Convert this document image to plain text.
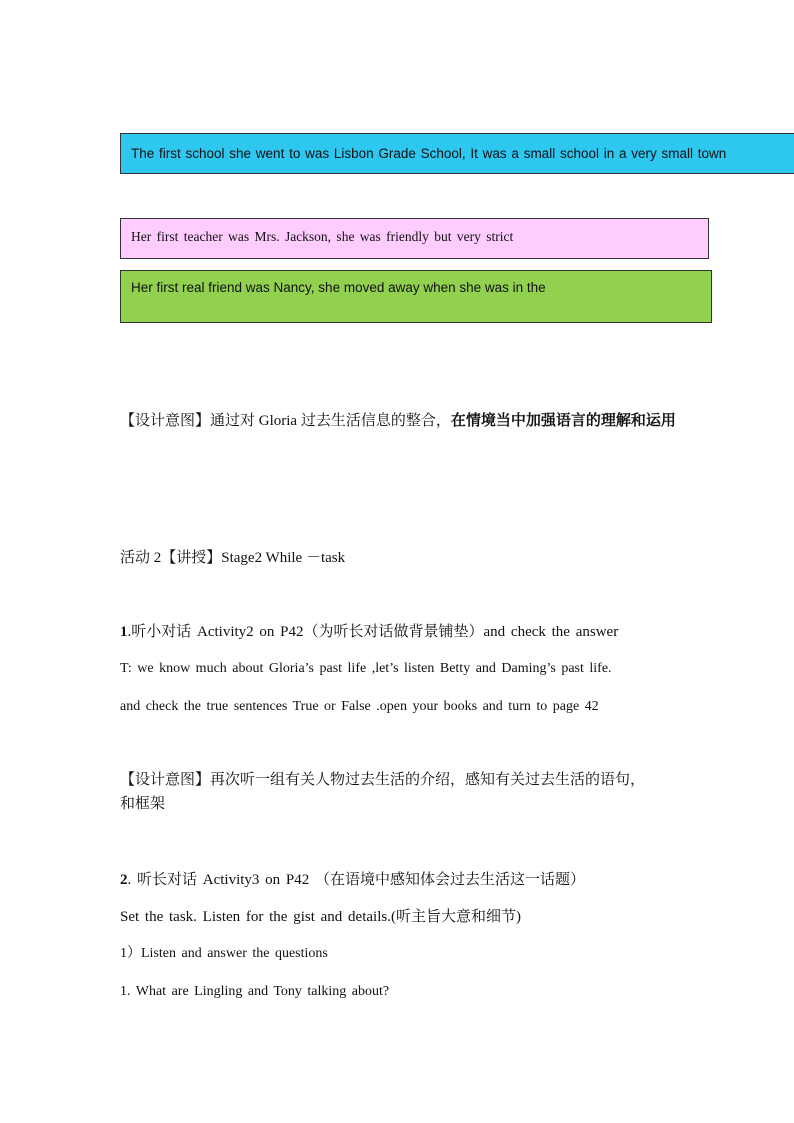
The first school she went to was Lisbon Grade School, It was a small school in a very small town
Her first teacher was Mrs. Jackson, she was friendly but very strict
Her first real friend was Nancy, she moved away when she was in the
【设计意图】通过对 Gloria 过去生活信息的整合，在情境当中加强语言的理解和运用
活动 2【讲授】Stage2 While －task
1.听小对话 Activity2 on P42（为听长对话做背景铺垫）and check the answer
T: we know much about Gloria’s past life ,let’s listen Betty and Daming’s past life.
and check the true sentences True or False .open your books and turn to page 42
【设计意图】再次听一组有关人物过去生活的介绍，感知有关过去生活的语句，和框架
2. 听长对话 Activity3 on P42 （在语境中感知体会过去生活这一话题）
Set the task. Listen for the gist and details.(听主旨大意和细节)
1）Listen and answer the questions
1. What are Lingling and Tony talking about?
